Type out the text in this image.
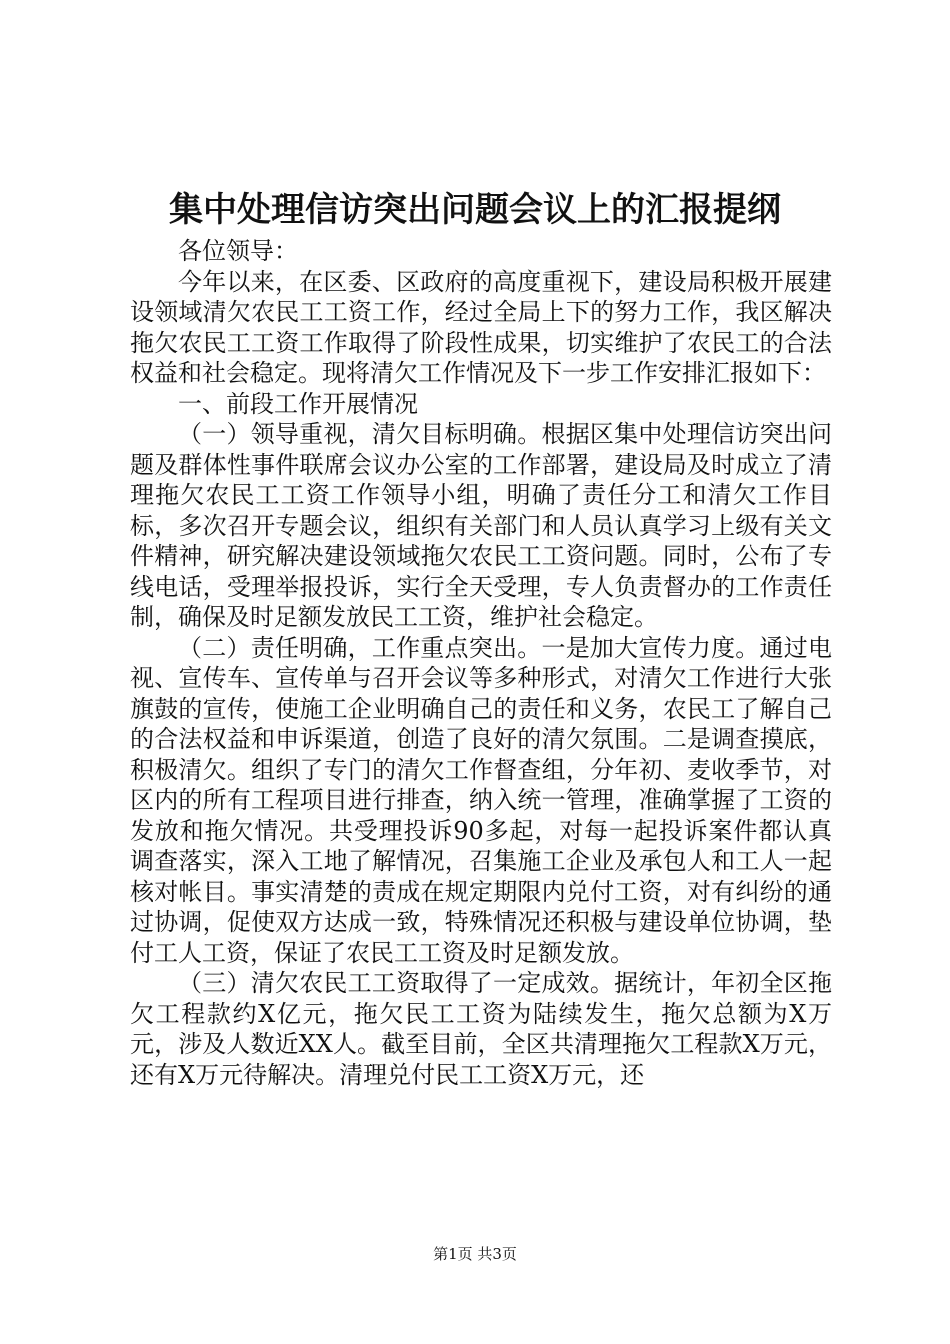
集中处理信访突出问题会议上的汇报提纲

各位领导：

今年以来，在区委、区政府的高度重视下，建设局积极开展建设领域清欠农民工工资工作，经过全局上下的努力工作，我区解决拖欠农民工工资工作取得了阶段性成果，切实维护了农民工的合法权益和社会稳定。现将清欠工作情况及下一步工作安排汇报如下：

一、前段工作开展情况

（一）领导重视，清欠目标明确。根据区集中处理信访突出问题及群体性事件联席会议办公室的工作部署，建设局及时成立了清理拖欠农民工工资工作领导小组，明确了责任分工和清欠工作目标，多次召开专题会议，组织有关部门和人员认真学习上级有关文件精神，研究解决建设领域拖欠农民工工资问题。同时，公布了专线电话，受理举报投诉，实行全天受理，专人负责督办的工作责任制，确保及时足额发放民工工资，维护社会稳定。

（二）责任明确，工作重点突出。一是加大宣传力度。通过电视、宣传车、宣传单与召开会议等多种形式，对清欠工作进行大张旗鼓的宣传，使施工企业明确自己的责任和义务，农民工了解自己的合法权益和申诉渠道，创造了良好的清欠氛围。二是调查摸底，积极清欠。组织了专门的清欠工作督查组，分年初、麦收季节，对区内的所有工程项目进行排查，纳入统一管理，准确掌握了工资的发放和拖欠情况。共受理投诉90多起，对每一起投诉案件都认真调查落实，深入工地了解情况，召集施工企业及承包人和工人一起核对帐目。事实清楚的责成在规定期限内兑付工资，对有纠纷的通过协调，促使双方达成一致，特殊情况还积极与建设单位协调，垫付工人工资，保证了农民工工资及时足额发放。

（三）清欠农民工工资取得了一定成效。据统计，年初全区拖欠工程款约X亿元，拖欠民工工资为陆续发生，拖欠总额为X万元，涉及人数近XX人。截至目前，全区共清理拖欠工程款X万元，还有X万元待解决。清理兑付民工工资X万元，还

第1页 共3页
